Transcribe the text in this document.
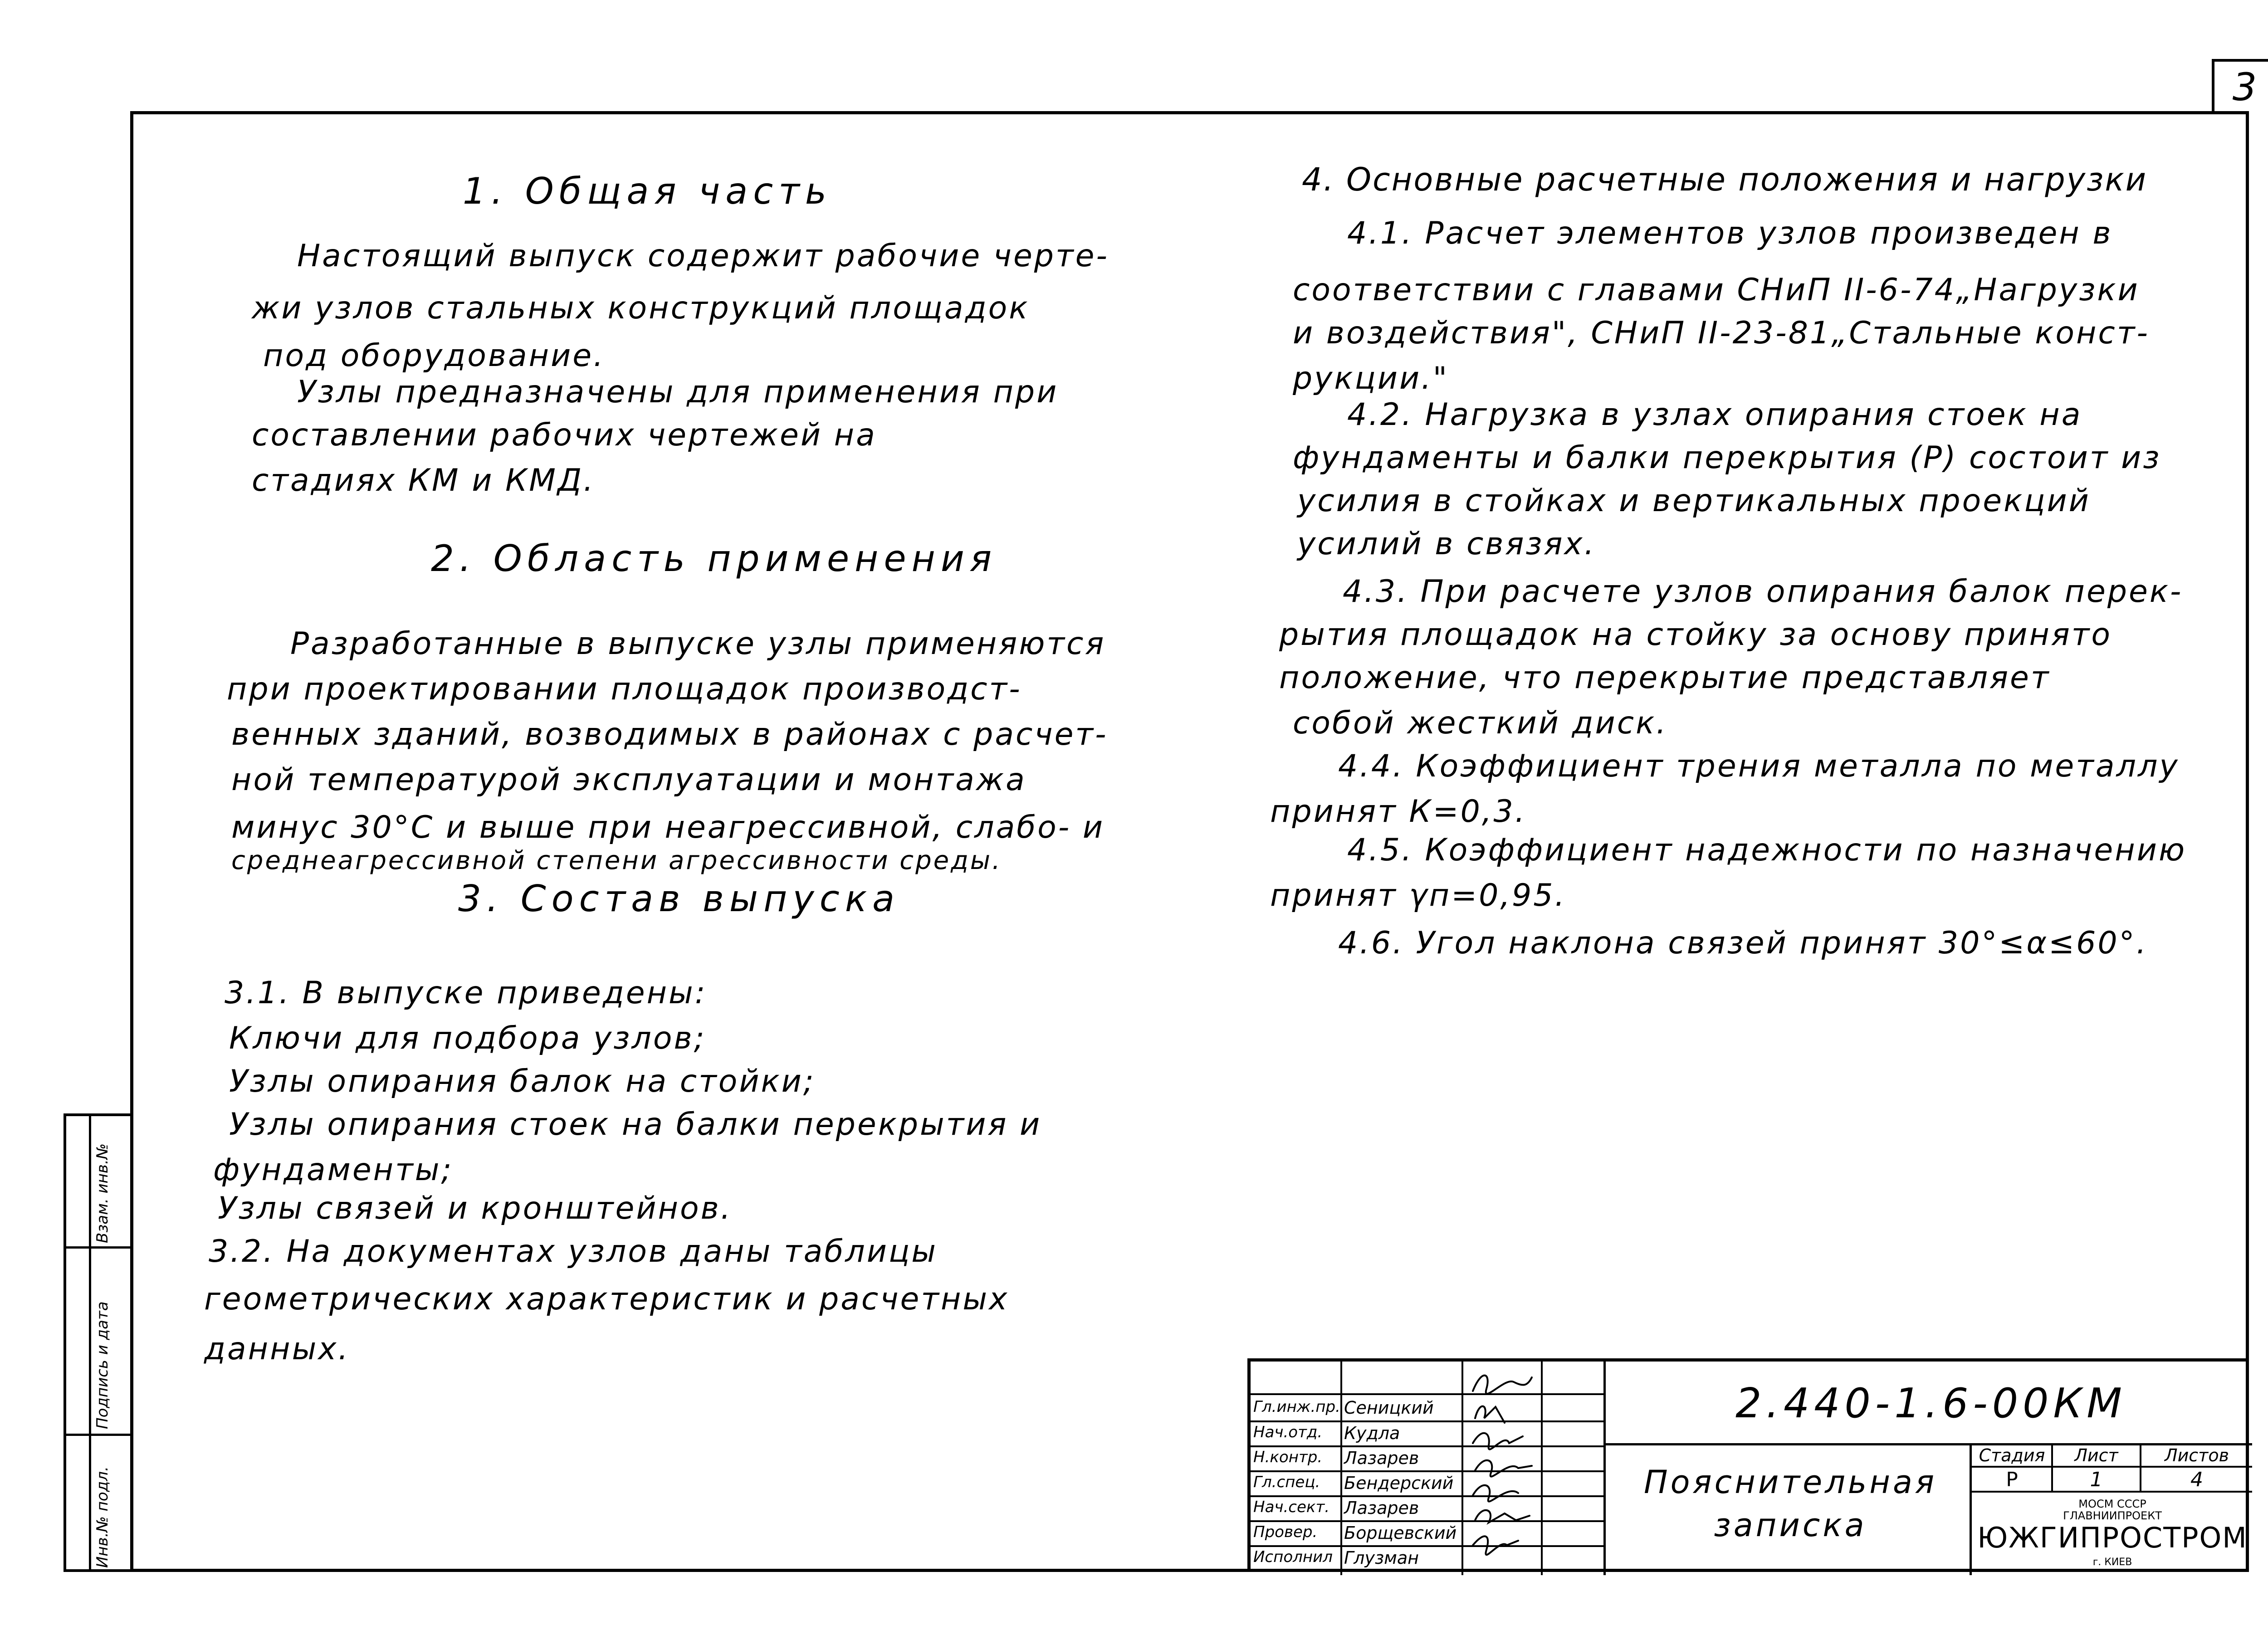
3
1. Общая часть
Настоящий выпуск содержит рабочие черте-
жи узлов стальных конструкций площадок
под оборудование.
Узлы предназначены для применения при
составлении рабочих чертежей на
стадиях КМ и КМД.
2. Область применения
Разработанные в выпуске узлы применяются
при проектировании площадок производст-
венных зданий, возводимых в районах с расчет-
ной температурой эксплуатации и монтажа
минус 30°С и выше при неагрессивной, слабо- и
среднеагрессивной степени агрессивности среды.
3. Состав выпуска
3.1. В выпуске приведены:
Ключи для подбора узлов;
Узлы опирания балок на стойки;
Узлы опирания стоек на балки перекрытия и
фундаменты;
Узлы связей и кронштейнов.
3.2. На документах узлов даны таблицы
геометрических характеристик и расчетных
данных.
4. Основные расчетные положения и нагрузки
4.1. Расчет элементов узлов произведен в
соответствии с главами СНиП II-6-74„Нагрузки
и воздействия", СНиП II-23-81„Стальные конст-
рукции."
4.2. Нагрузка в узлах опирания стоек на
фундаменты и балки перекрытия (Р) состоит из
усилия в стойках и вертикальных проекций
усилий в связях.
4.3. При расчете узлов опирания балок перек-
рытия площадок на стойку за основу принято
положение, что перекрытие представляет
собой жесткий диск.
4.4. Коэффициент трения металла по металлу
принят К=0,3.
4.5. Коэффициент надежности по назначению
принят γп=0,95.
4.6. Угол наклона связей принят 30°≤α≤60°.
Инв.№ подл.
Подпись и дата
Взам. инв.№
2.440-1.6-00КМ
Пояснительная
записка
Стадия	Лист	Листов
Р	1	4
МОСМ СССР
ГЛАВНИИПРОЕКТ
ЮЖГИПРОСТРОМ
г. КИЕВ
Гл.инж.пр. Сеницкий
Нач.отд. Кудла
Н.контр. Лазарев
Гл.спец. Бендерский
Нач.сект. Лазарев
Провер. Борщевский
Исполнил Глузман
